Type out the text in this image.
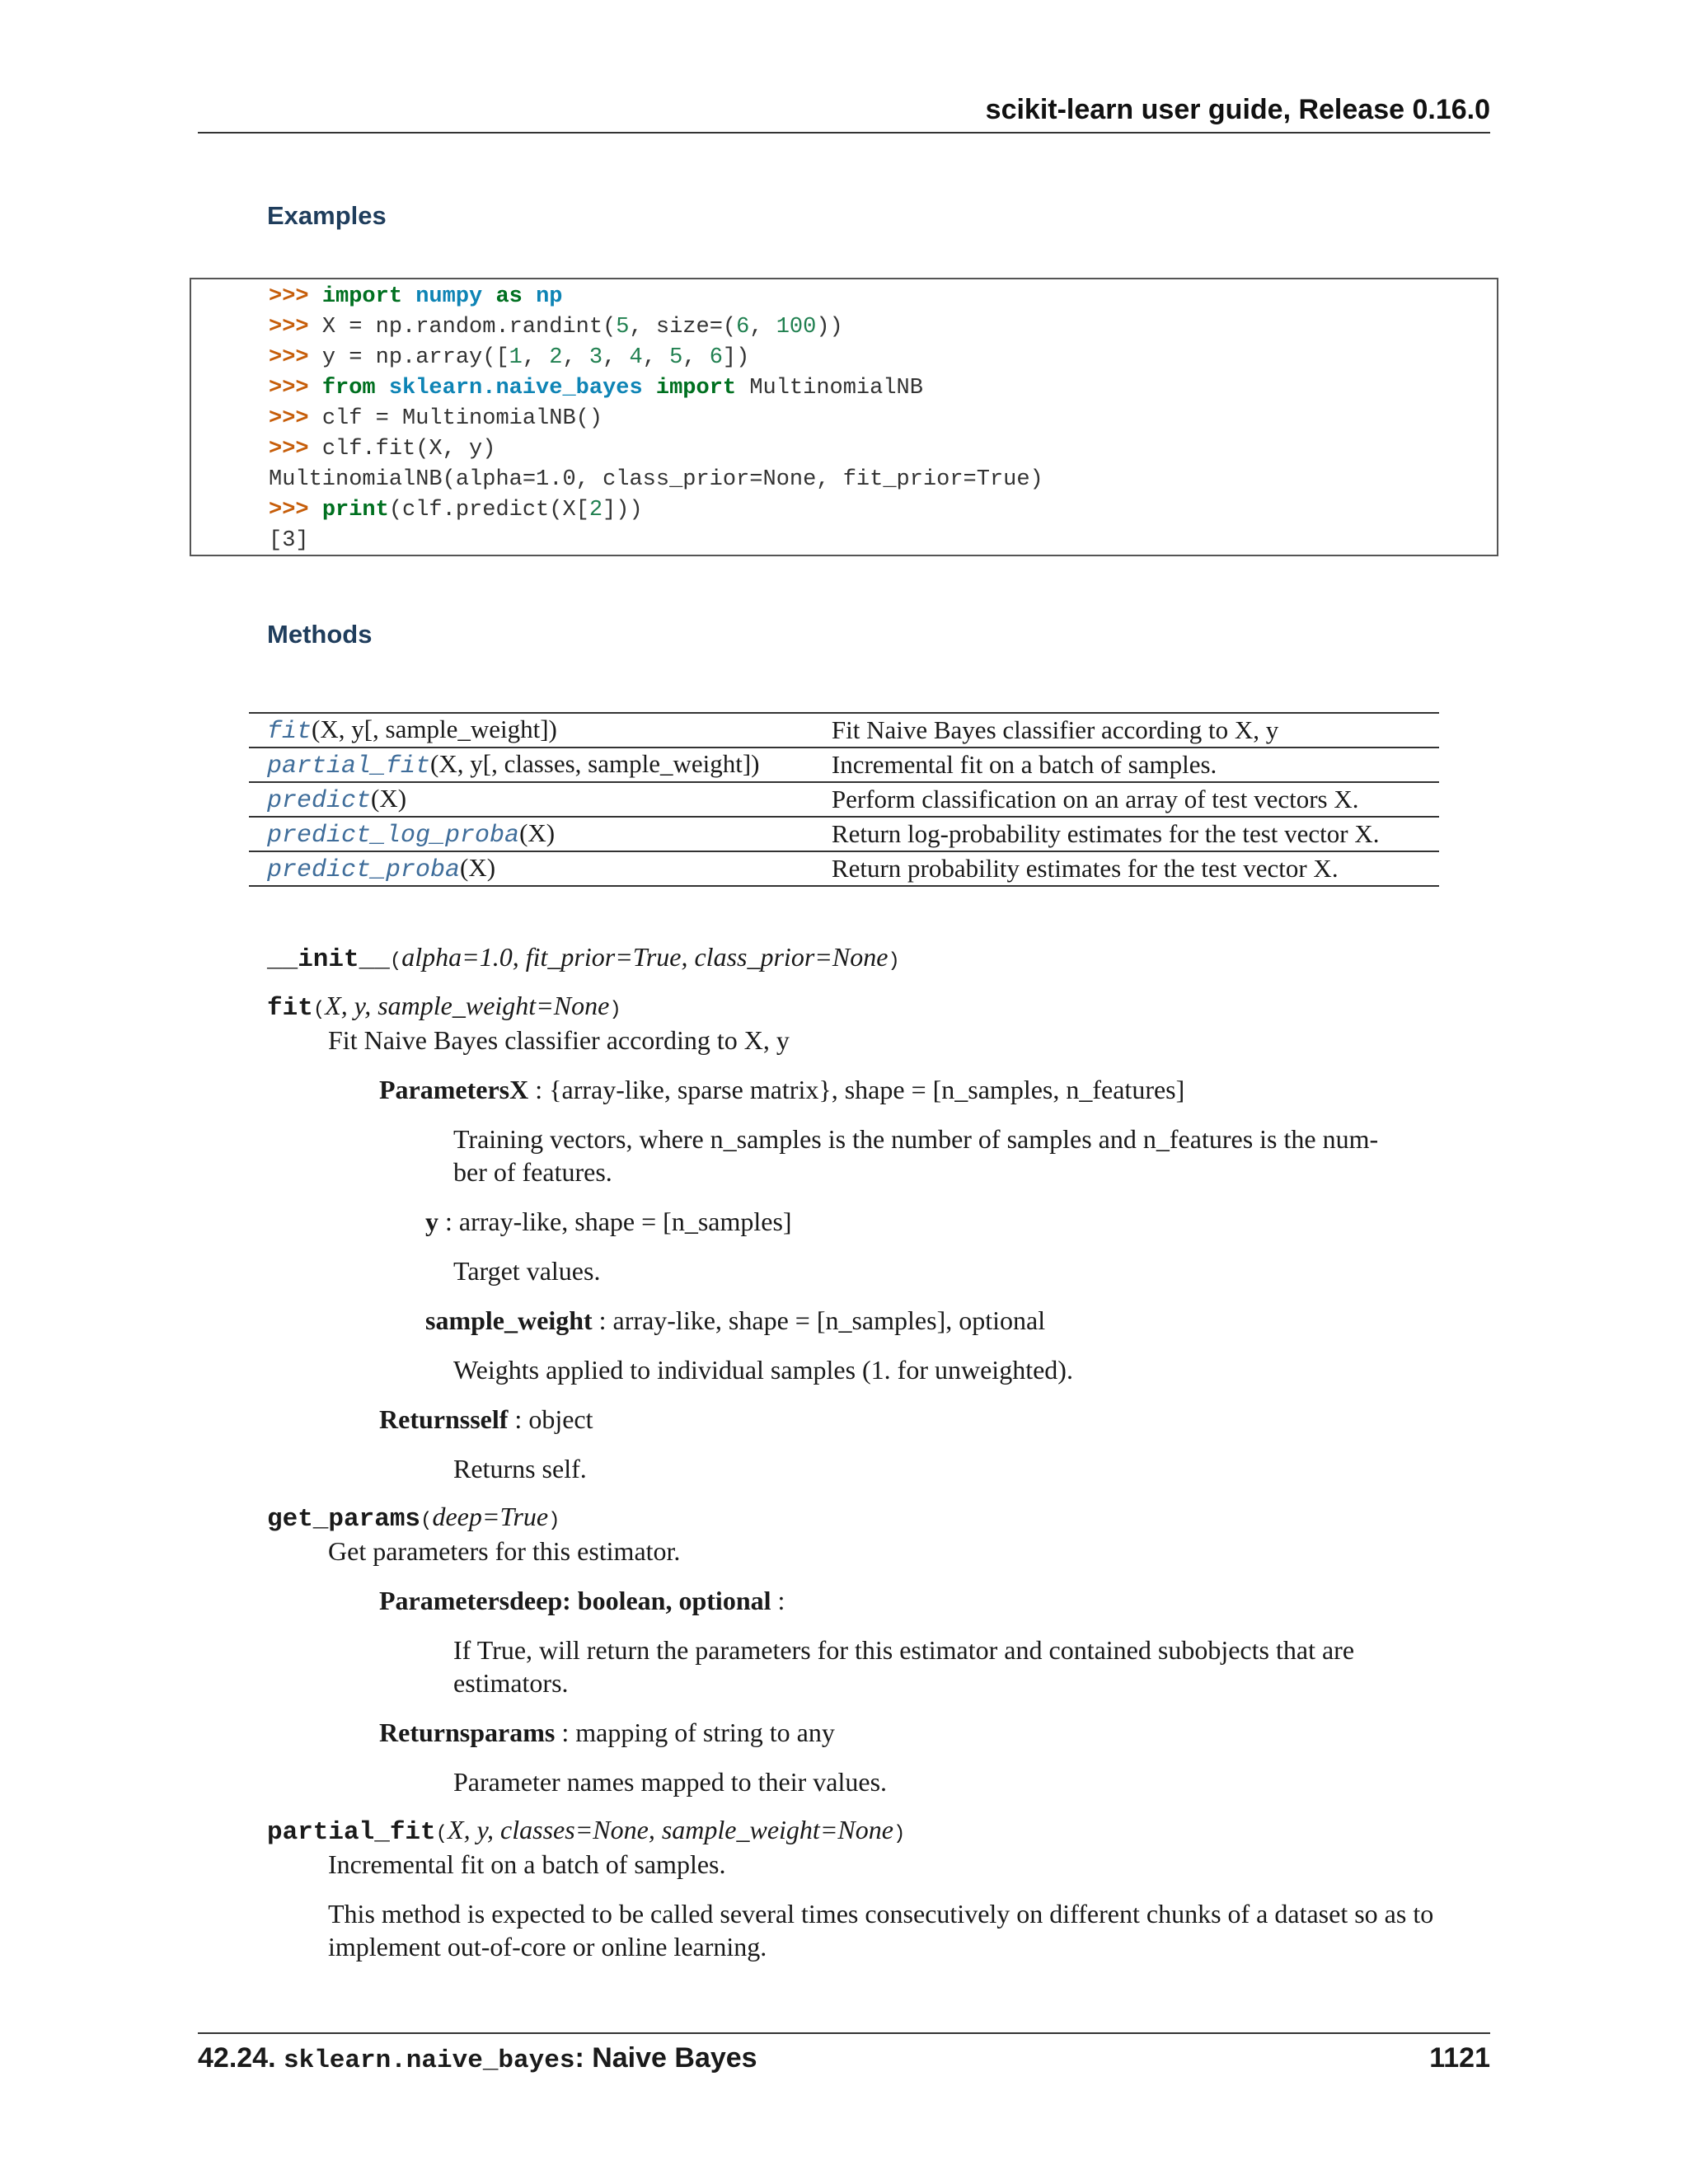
scikit-learn user guide, Release 0.16.0
Examples
>>> import numpy as np
>>> X = np.random.randint(5, size=(6, 100))
>>> y = np.array([1, 2, 3, 4, 5, 6])
>>> from sklearn.naive_bayes import MultinomialNB
>>> clf = MultinomialNB()
>>> clf.fit(X, y)
MultinomialNB(alpha=1.0, class_prior=None, fit_prior=True)
>>> print(clf.predict(X[2]))
[3]
Methods
fit(X, y[, sample_weight])	Fit Naive Bayes classifier according to X, y
partial_fit(X, y[, classes, sample_weight])	Incremental fit on a batch of samples.
predict(X)	Perform classification on an array of test vectors X.
predict_log_proba(X)	Return log-probability estimates for the test vector X.
predict_proba(X)	Return probability estimates for the test vector X.
__init__(alpha=1.0, fit_prior=True, class_prior=None)
fit(X, y, sample_weight=None)
Fit Naive Bayes classifier according to X, y
ParametersX : {array-like, sparse matrix}, shape = [n_samples, n_features]
Training vectors, where n_samples is the number of samples and n_features is the num-
ber of features.
y : array-like, shape = [n_samples]
Target values.
sample_weight : array-like, shape = [n_samples], optional
Weights applied to individual samples (1. for unweighted).
Returnsself : object
Returns self.
get_params(deep=True)
Get parameters for this estimator.
Parametersdeep: boolean, optional :
If True, will return the parameters for this estimator and contained subobjects that are
estimators.
Returnsparams : mapping of string to any
Parameter names mapped to their values.
partial_fit(X, y, classes=None, sample_weight=None)
Incremental fit on a batch of samples.
This method is expected to be called several times consecutively on different chunks of a dataset so as to
implement out-of-core or online learning.
42.24. sklearn.naive_bayes: Naive Bayes	1121
